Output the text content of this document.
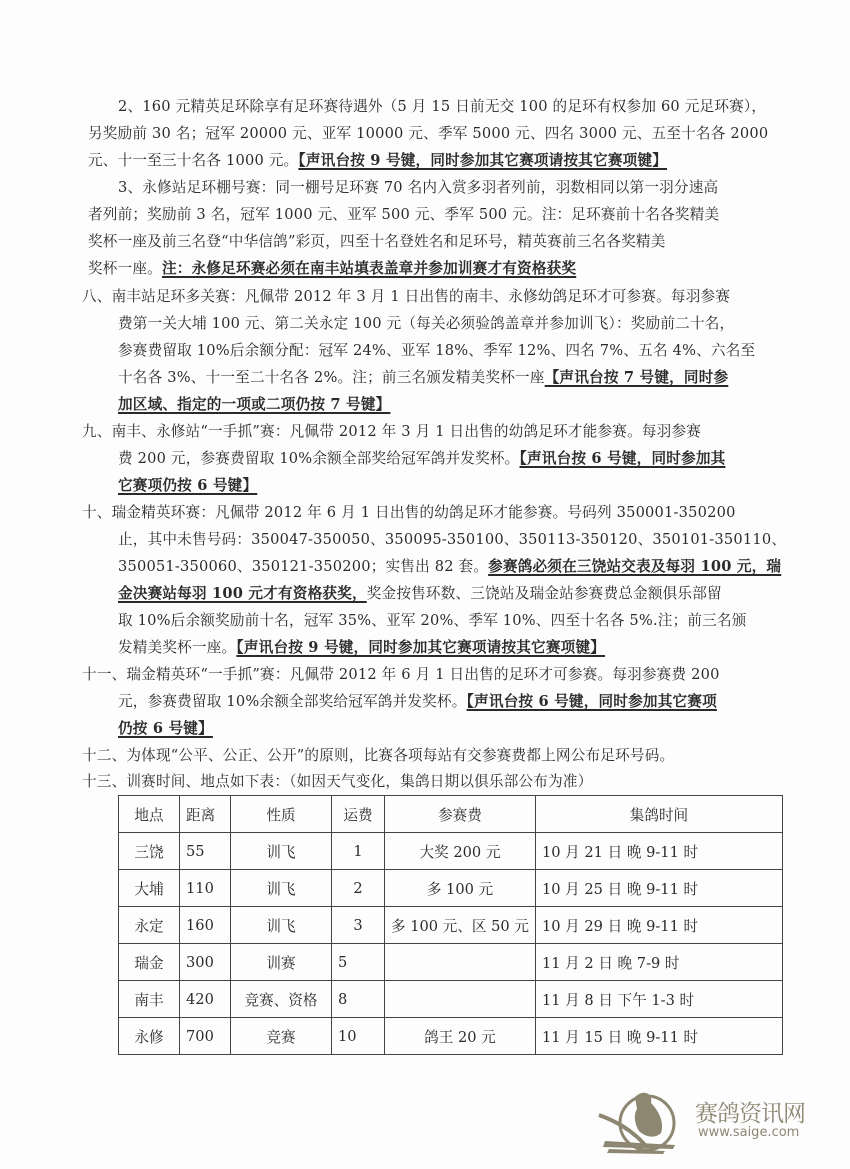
2、160 元精英足环除享有足环赛待遇外（5 月 15 日前无交 100 的足环有权参加 60 元足环赛），
另奖励前 30 名；冠军 20000 元、亚军 10000 元、季军 5000 元、四名 3000 元、五至十名各 2000
元、十一至三十名各 1000 元。【声讯台按 9 号键，同时参加其它赛项请按其它赛项键】
3、永修站足环棚号赛：同一棚号足环赛 70 名内入赏多羽者列前，羽数相同以第一羽分速高
者列前；奖励前 3 名，冠军 1000 元、亚军 500 元、季军 500 元。注：足环赛前十名各奖精美
奖杯一座及前三名登“中华信鸽”彩页，四至十名登姓名和足环号，精英赛前三名各奖精美
奖杯一座。注：永修足环赛必须在南丰站填表盖章并参加训赛才有资格获奖
八、南丰站足环多关赛：凡佩带 2012 年 3 月 1 日出售的南丰、永修幼鸽足环才可参赛。每羽参赛
费第一关大埔 100 元、第二关永定 100 元（每关必须验鸽盖章并参加训飞）：奖励前二十名，
参赛费留取 10%后余额分配：冠军 24%、亚军 18%、季军 12%、四名 7%、五名 4%、六名至
十名各 3%、十一至二十名各 2%。注；前三名颁发精美奖杯一座【声讯台按 7 号键，同时参
加区域、指定的一项或二项仍按 7 号键】
九、南丰、永修站“一手抓”赛：凡佩带 2012 年 3 月 1 日出售的幼鸽足环才能参赛。每羽参赛
费 200 元，参赛费留取 10%余额全部奖给冠军鸽并发奖杯。【声讯台按 6 号键，同时参加其
它赛项仍按 6 号键】
十、瑞金精英环赛：凡佩带 2012 年 6 月 1 日出售的幼鸽足环才能参赛。号码列 350001-350200
止，其中未售号码：350047-350050、350095-350100、350113-350120、350101-350110、
350051-350060、350121-350200；实售出 82 套。参赛鸽必须在三饶站交表及每羽 100 元，瑞
金决赛站每羽 100 元才有资格获奖，奖金按售环数、三饶站及瑞金站参赛费总金额俱乐部留
取 10%后余额奖励前十名，冠军 35%、亚军 20%、季军 10%、四至十名各 5%.注；前三名颁
发精美奖杯一座。【声讯台按 9 号键，同时参加其它赛项请按其它赛项键】
十一、瑞金精英环“一手抓”赛：凡佩带 2012 年 6 月 1 日出售的足环才可参赛。每羽参赛费 200
元，参赛费留取 10%余额全部奖给冠军鸽并发奖杯。【声讯台按 6 号键，同时参加其它赛项
仍按 6 号键】
十二、为体现“公平、公正、公开”的原则，比赛各项每站有交参赛费都上网公布足环号码。
十三、训赛时间、地点如下表：（如因天气变化，集鸽日期以俱乐部公布为准）
地点	距离	性质	运费	参赛费	集鸽时间
三饶	55	训飞	1	大奖 200 元	10 月 21 日 晚 9-11 时
大埔	110	训飞	2	多 100 元	10 月 25 日 晚 9-11 时
永定	160	训飞	3	多 100 元、区 50 元	10 月 29 日 晚 9-11 时
瑞金	300	训赛	5		11 月 2 日 晚 7-9 时
南丰	420	竞赛、资格	8		11 月 8 日 下午 1-3 时
永修	700	竞赛	10	鸽王 20 元	11 月 15 日 晚 9-11 时
赛鸽资讯网
www.saige.com
